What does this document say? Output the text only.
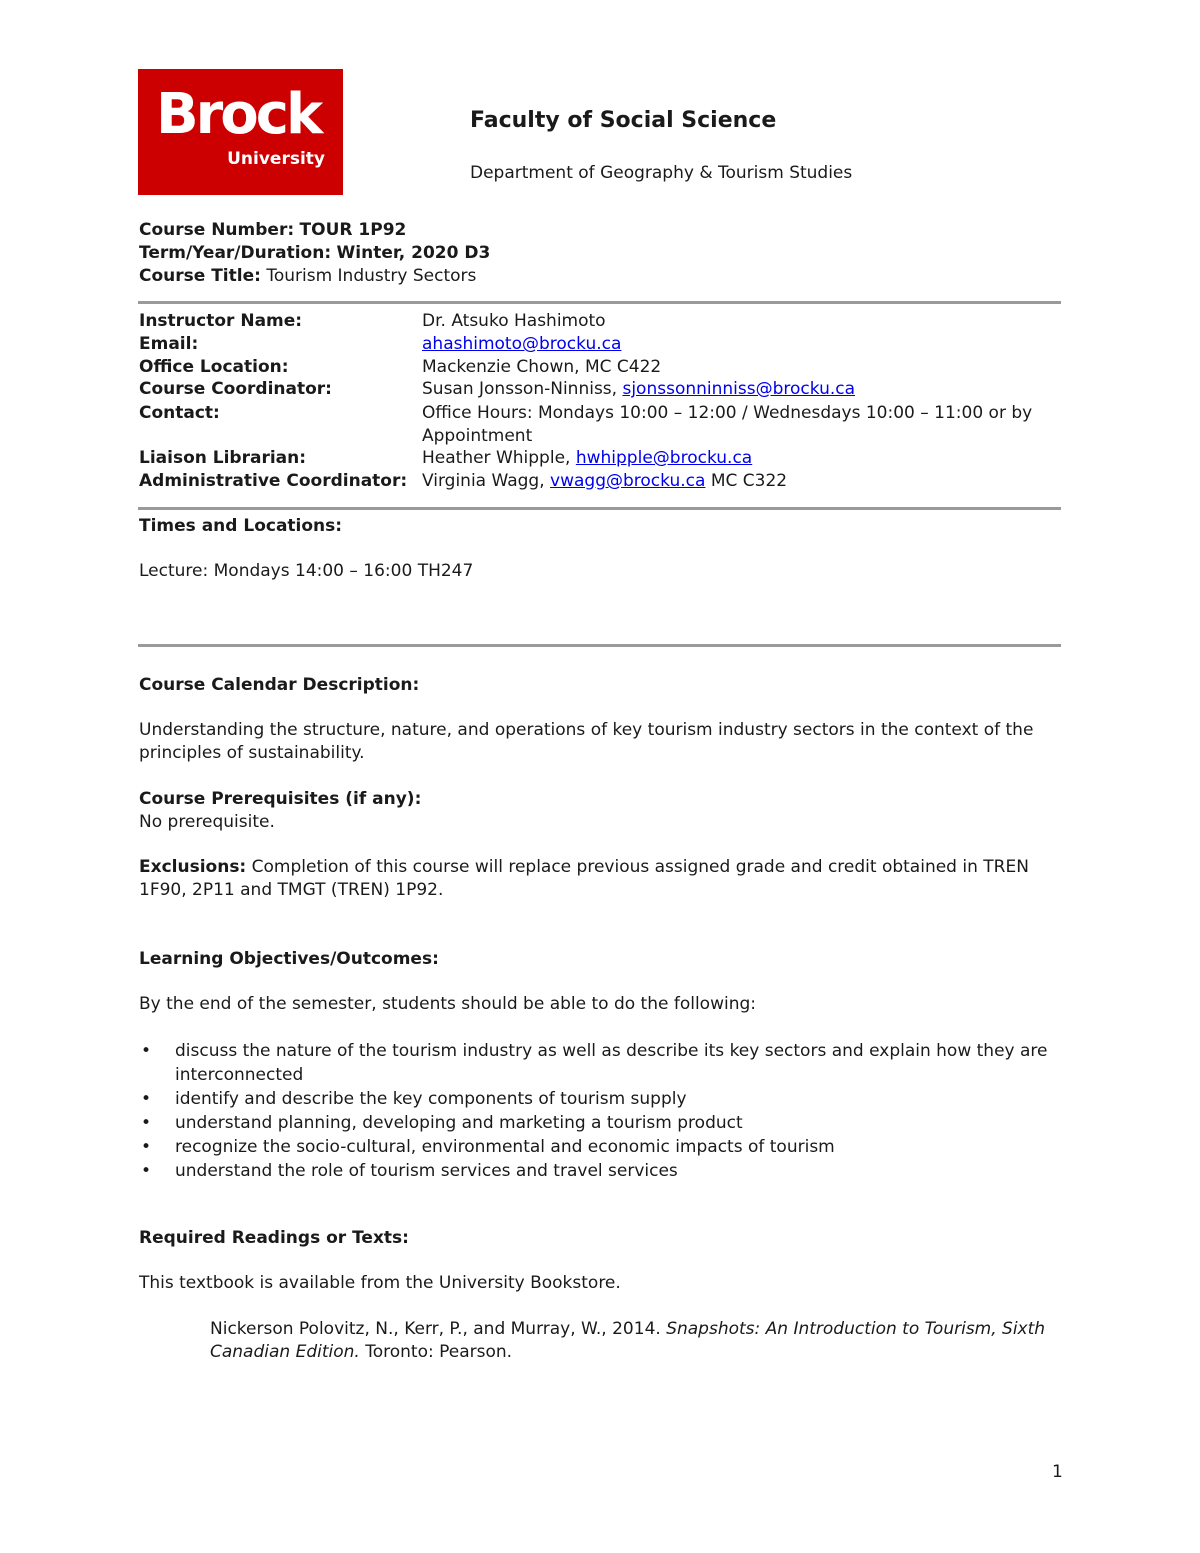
Brock
University
Faculty of Social Science
Department of Geography & Tourism Studies
Course Number: TOUR 1P92
Term/Year/Duration: Winter, 2020 D3
Course Title: Tourism Industry Sectors
Instructor Name:	Dr. Atsuko Hashimoto
Email:	ahashimoto@brocku.ca
Office Location:	Mackenzie Chown, MC C422
Course Coordinator:	Susan Jonsson-Ninniss, sjonssonninniss@brocku.ca
Contact:	Office Hours: Mondays 10:00 – 12:00 / Wednesdays 10:00 – 11:00 or by Appointment
Liaison Librarian:	Heather Whipple, hwhipple@brocku.ca
Administrative Coordinator: Virginia Wagg, vwagg@brocku.ca MC C322
Times and Locations:
Lecture: Mondays 14:00 – 16:00 TH247
Course Calendar Description:
Understanding the structure, nature, and operations of key tourism industry sectors in the context of the principles of sustainability.
Course Prerequisites (if any):
No prerequisite.
Exclusions: Completion of this course will replace previous assigned grade and credit obtained in TREN 1F90, 2P11 and TMGT (TREN) 1P92.
Learning Objectives/Outcomes:
By the end of the semester, students should be able to do the following:
• discuss the nature of the tourism industry as well as describe its key sectors and explain how they are interconnected
• identify and describe the key components of tourism supply
• understand planning, developing and marketing a tourism product
• recognize the socio-cultural, environmental and economic impacts of tourism
• understand the role of tourism services and travel services
Required Readings or Texts:
This textbook is available from the University Bookstore.
Nickerson Polovitz, N., Kerr, P., and Murray, W., 2014. Snapshots: An Introduction to Tourism, Sixth Canadian Edition. Toronto: Pearson.
1
